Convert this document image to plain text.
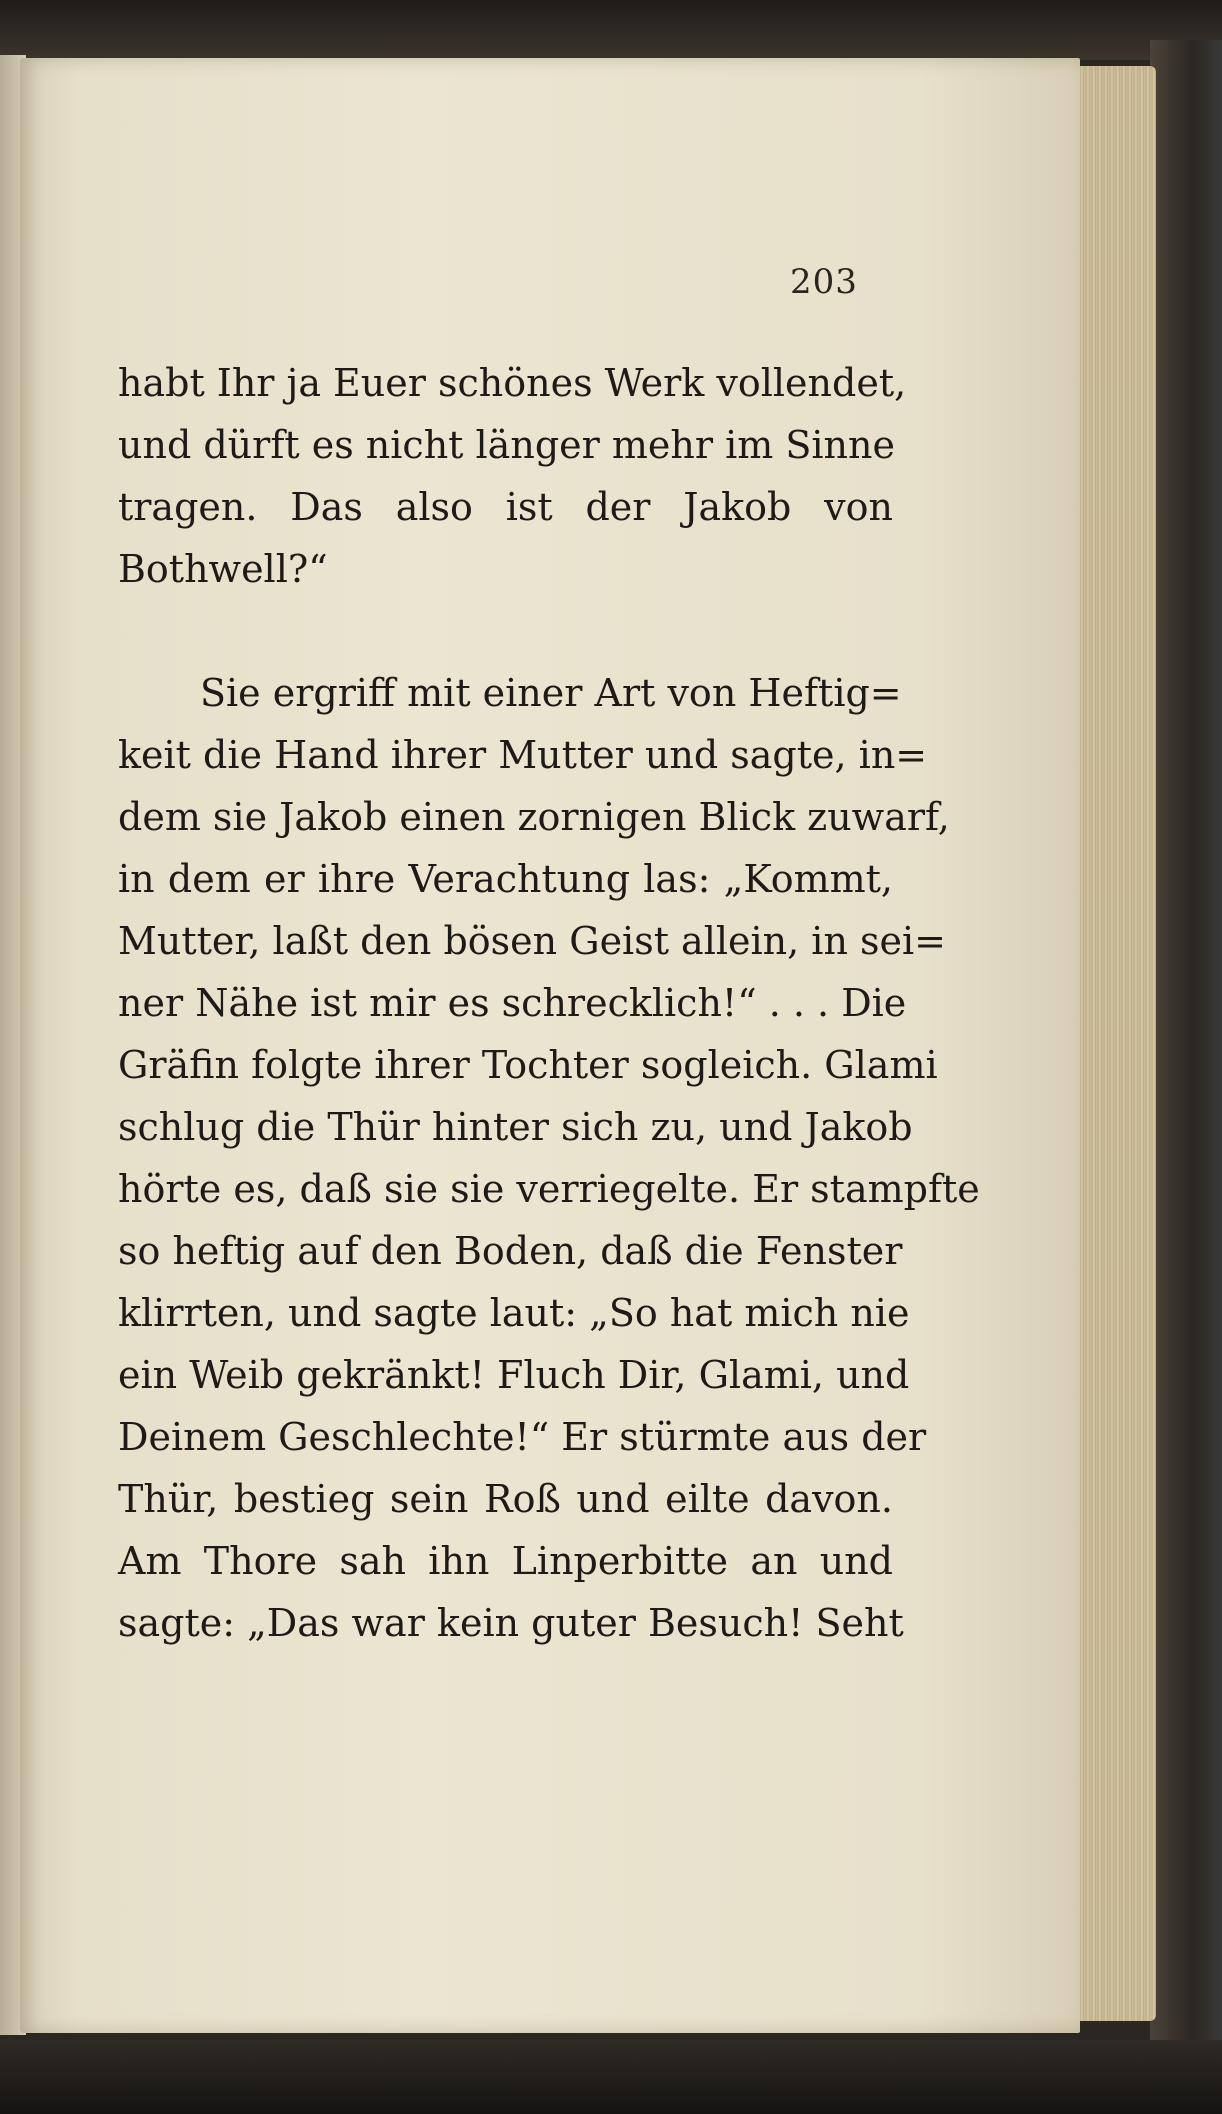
203
habt Ihr ja Euer schönes Werk vollendet,
und dürft es nicht länger mehr im Sinne
tragen. Das also ist der Jakob von
Bothwell?“
Sie ergriff mit einer Art von Heftig=
keit die Hand ihrer Mutter und sagte, in=
dem sie Jakob einen zornigen Blick zuwarf,
in dem er ihre Verachtung las: „Kommt,
Mutter, laßt den bösen Geist allein, in sei=
ner Nähe ist mir es schrecklich!“ . . . Die
Gräfin folgte ihrer Tochter sogleich. Glami
schlug die Thür hinter sich zu, und Jakob
hörte es, daß sie sie verriegelte. Er stampfte
so heftig auf den Boden, daß die Fenster
klirrten, und sagte laut: „So hat mich nie
ein Weib gekränkt! Fluch Dir, Glami, und
Deinem Geschlechte!“ Er stürmte aus der
Thür, bestieg sein Roß und eilte davon.
Am Thore sah ihn Linperbitte an und
sagte: „Das war kein guter Besuch! Seht
